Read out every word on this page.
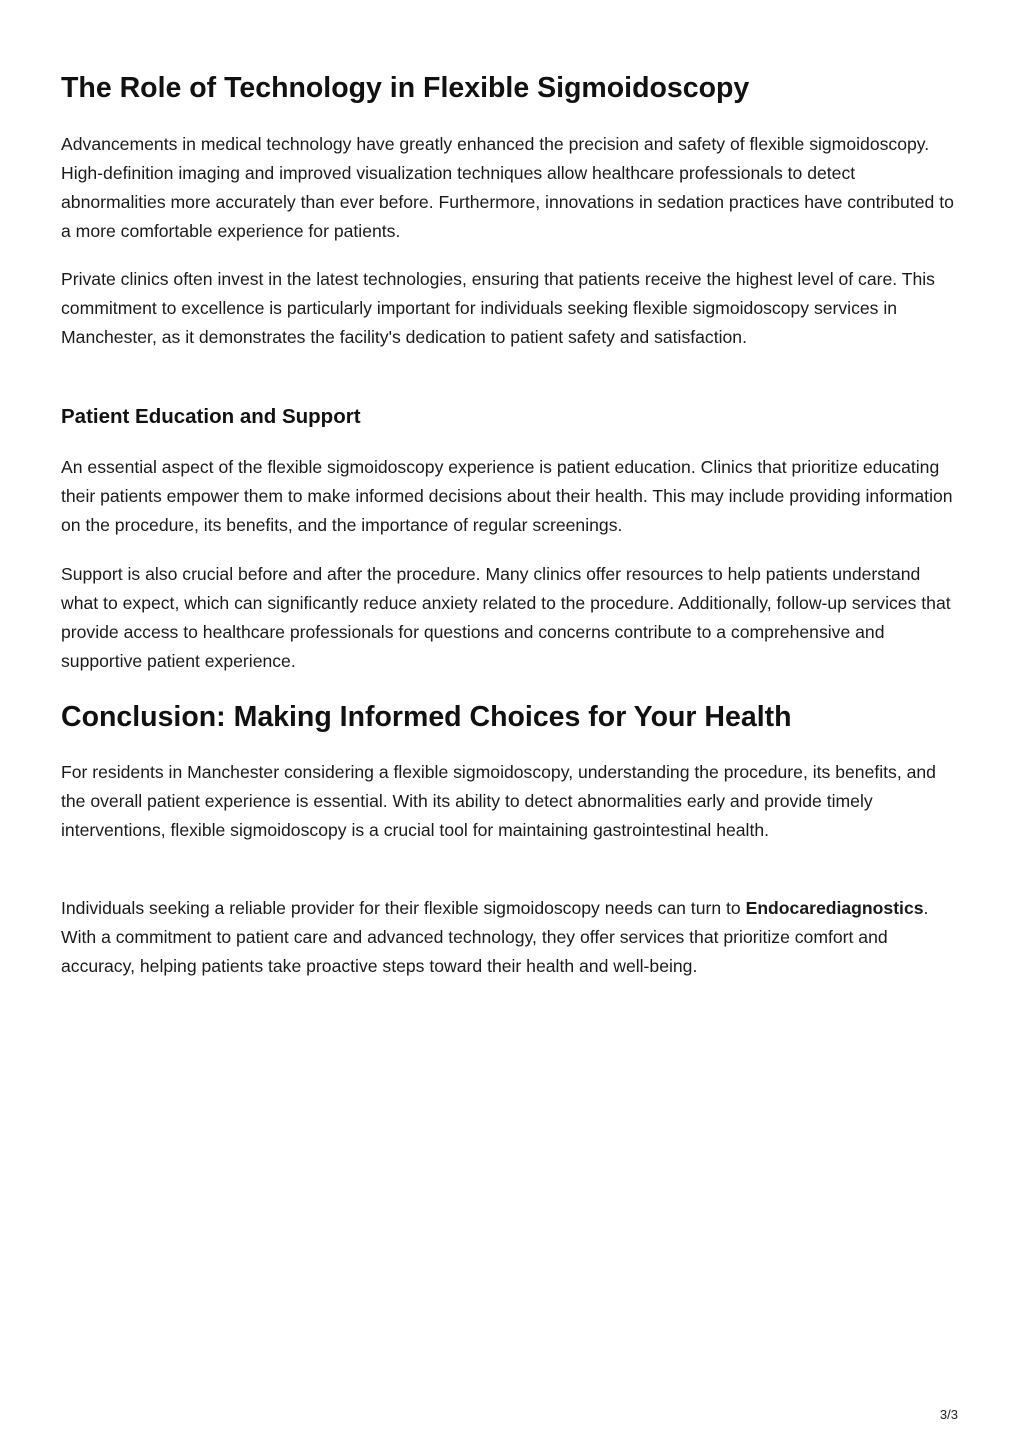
The Role of Technology in Flexible Sigmoidoscopy

Advancements in medical technology have greatly enhanced the precision and safety of flexible sigmoidoscopy. High-definition imaging and improved visualization techniques allow healthcare professionals to detect abnormalities more accurately than ever before. Furthermore, innovations in sedation practices have contributed to a more comfortable experience for patients.

Private clinics often invest in the latest technologies, ensuring that patients receive the highest level of care. This commitment to excellence is particularly important for individuals seeking flexible sigmoidoscopy services in Manchester, as it demonstrates the facility's dedication to patient safety and satisfaction.

Patient Education and Support

An essential aspect of the flexible sigmoidoscopy experience is patient education. Clinics that prioritize educating their patients empower them to make informed decisions about their health. This may include providing information on the procedure, its benefits, and the importance of regular screenings.

Support is also crucial before and after the procedure. Many clinics offer resources to help patients understand what to expect, which can significantly reduce anxiety related to the procedure. Additionally, follow-up services that provide access to healthcare professionals for questions and concerns contribute to a comprehensive and supportive patient experience.

Conclusion: Making Informed Choices for Your Health

For residents in Manchester considering a flexible sigmoidoscopy, understanding the procedure, its benefits, and the overall patient experience is essential. With its ability to detect abnormalities early and provide timely interventions, flexible sigmoidoscopy is a crucial tool for maintaining gastrointestinal health.

Individuals seeking a reliable provider for their flexible sigmoidoscopy needs can turn to Endocarediagnostics. With a commitment to patient care and advanced technology, they offer services that prioritize comfort and accuracy, helping patients take proactive steps toward their health and well-being.

3/3
